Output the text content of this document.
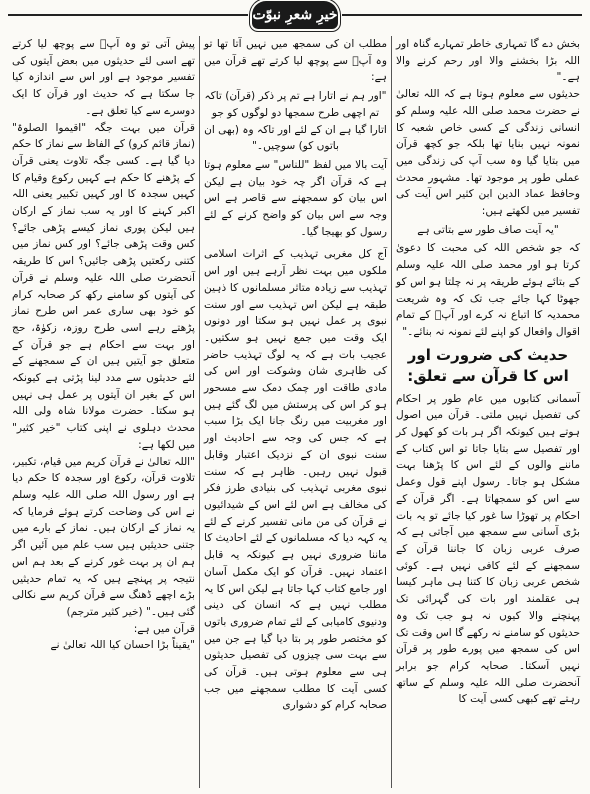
خیرِ شعرِ نبوّت

بخش دے گا تمہاری خاطر تمہارے گناہ اور اللہ بڑا بخشنے والا اور رحم کرنے والا ہے۔"

حدیثوں سے معلوم ہوتا ہے کہ اللہ تعالیٰ نے حضرت محمد صلی اللہ علیہ وسلم کو انسانی زندگی کے کسی خاص شعبہ کا نمونہ نہیں بنایا تھا بلکہ جو کچھ قرآن میں بتایا گیا وہ سب آپ کی زندگی میں عملی طور پر موجود تھا۔ مشہور محدث وحافظ عماد الدین ابن کثیر اس آیت کی تفسیر میں لکھتے ہیں:

"یہ آیت صاف طور سے بتاتی ہے

کہ جو شخص اللہ کی محبت کا دعویٰ کرتا ہو اور محمد صلی اللہ علیہ وسلم کے بتائے ہوئے طریقہ پر نہ چلتا ہو اس کو جھوٹا کہا جائے جب تک کہ وہ شریعت محمدیہ کا اتباع نہ کرے اور آپؐ کے تمام اقوال وافعال کو اپنے لئے نمونہ نہ بنائے۔"

حدیث کی ضرورت اور اس کا قرآن سے تعلق:

آسمانی کتابوں میں عام طور پر احکام کی تفصیل نہیں ملتی۔ قرآن میں اصول ہوتے ہیں کیونکہ اگر ہر بات کو کھول کر اور تفصیل سے بتایا جاتا تو اس کتاب کے ماننے والوں کے لئے اس کا پڑھنا بہت مشکل ہو جاتا۔ رسول اپنے قول وعمل سے اس کو سمجھاتا ہے۔ اگر قرآن کے احکام پر تھوڑا سا غور کیا جائے تو یہ بات بڑی آسانی سے سمجھ میں آجاتی ہے کہ صرف عربی زبان کا جاننا قرآن کے سمجھنے کے لئے کافی نہیں ہے۔ کوئی شخص عربی زبان کا کتنا ہی ماہر کیسا ہی عقلمند اور بات کی گہرائی تک پہنچنے والا کیوں نہ ہو جب تک وہ حدیثوں کو سامنے نہ رکھے گا اس وقت تک اس کی سمجھ میں پورے طور پر قرآن نہیں آسکتا۔ صحابہ کرام جو برابر آنحضرت صلی اللہ علیہ وسلم کے ساتھ رہتے تھے کبھی کسی آیت کا

مطلب ان کی سمجھ میں نہیں آتا تھا تو وہ آپؐ سے پوچھ لیا کرتے تھے قرآن میں ہے:

"اور ہم نے اتارا ہے تم پر ذکر (قرآن) تاکہ تم اچھی طرح سمجھا دو لوگوں کو جو اتارا گیا ہے ان کے لئے اور تاکہ وہ (بھی ان باتوں کو) سوچیں۔"

آیت بالا میں لفظ "للناس" سے معلوم ہوتا ہے کہ قرآن اگر چہ خود بیان ہے لیکن اس بیان کو سمجھنے سے قاصر ہے اس وجہ سے اس بیان کو واضح کرنے کے لئے رسول کو بھیجا گیا۔

آج کل مغربی تہذیب کے اثرات اسلامی ملکوں میں بہت نظر آرہے ہیں اور اس تہذیب سے زیادہ متاثر مسلمانوں کا ذہین طبقہ ہے لیکن اس تہذیب سے اور سنت نبوی پر عمل نہیں ہو سکتا اور دونوں ایک وقت میں جمع نہیں ہو سکتیں۔ عجیب بات ہے کہ یہ لوگ تہذیب حاضر کی ظاہری شان وشوکت اور اس کی مادی طاقت اور چمک دمک سے مسحور ہو کر اس کی پرستش میں لگ گئے ہیں اور مغربیت میں رنگ جانا ایک بڑا سبب ہے کہ جس کی وجہ سے احادیث اور سنت نبوی ان کے نزدیک اعتبار وقابل قبول نہیں رہیں۔ ظاہر ہے کہ سنت نبوی مغربی تہذیب کی بنیادی طرز فکر کی مخالف ہے اس لئے اس کے شیدائیوں نے قرآن کی من مانی تفسیر کرنے کے لئے یہ کہہ دیا کہ مسلمانوں کے لئے احادیث کا ماننا ضروری نہیں ہے کیونکہ یہ قابل اعتماد نہیں۔ قرآن کو ایک مکمل آسان اور جامع کتاب کہا جاتا ہے لیکن اس کا یہ مطلب نہیں ہے کہ انسان کی دینی ودنیوی کامیابی کے لئے تمام ضروری باتوں کو مختصر طور پر بتا دیا گیا ہے جن میں سے بہت سی چیزوں کی تفصیل حدیثوں ہی سے معلوم ہوتی ہیں۔ قرآن کی کسی آیت کا مطلب سمجھنے میں جب صحابہ کرام کو دشواری

پیش آتی تو وہ آپؐ سے پوچھ لیا کرتے تھے اسی لئے حدیثوں میں بعض آیتوں کی تفسیر موجود ہے اور اس سے اندازہ کیا جا سکتا ہے کہ حدیث اور قرآن کا ایک دوسرے سے کیا تعلق ہے۔

قرآن میں بہت جگہ "اقیموا الصلوۃ" (نماز قائم کرو) کے الفاظ سے نماز کا حکم دیا گیا ہے۔ کسی جگہ تلاوت یعنی قرآن کے پڑھنے کا حکم ہے کہیں رکوع وقیام کا کہیں سجدہ کا اور کہیں تکبیر یعنی اللہ اکبر کہنے کا اور یہ سب نماز کے ارکان ہیں لیکن پوری نماز کیسے پڑھی جائے؟ کس وقت پڑھی جائے؟ اور کس نماز میں کتنی رکعتیں پڑھی جائیں؟ اس کا طریقہ آنحضرت صلی اللہ علیہ وسلم نے قرآن کی آیتوں کو سامنے رکھ کر صحابہ کرام کو خود بھی ساری عمر اس طرح نماز پڑھتے رہے اسی طرح روزہ، زکوٰۃ، حج اور بہت سے احکام ہے جو قرآن کے متعلق جو آیتیں ہیں ان کے سمجھنے کے لئے حدیثوں سے مدد لینا پڑتی ہے کیونکہ اس کے بغیر ان آیتوں پر عمل ہی نہیں ہو سکتا۔ حضرت مولانا شاہ ولی اللہ محدث دہلوی نے اپنی کتاب "خیر کثیر" میں لکھا ہے:

"اللہ تعالیٰ نے قرآن کریم میں قیام، تکبیر، تلاوت قرآن، رکوع اور سجدہ کا حکم دیا ہے اور رسول اللہ صلی اللہ علیہ وسلم نے اس کی وضاحت کرتے ہوئے فرمایا کہ یہ نماز کے ارکان ہیں۔ نماز کے بارے میں جتنی حدیثیں ہیں سب علم میں آئیں اگر ہم ان پر بہت غور کرنے کے بعد ہم اس نتیجہ پر پہنچے ہیں کہ یہ تمام حدیثیں بڑے اچھے ڈھنگ سے قرآن کریم سے نکالی گئی ہیں۔" (خیر کثیر مترجم)

قرآن میں ہے:

"یقیناً بڑا احسان کیا اللہ تعالیٰ نے
